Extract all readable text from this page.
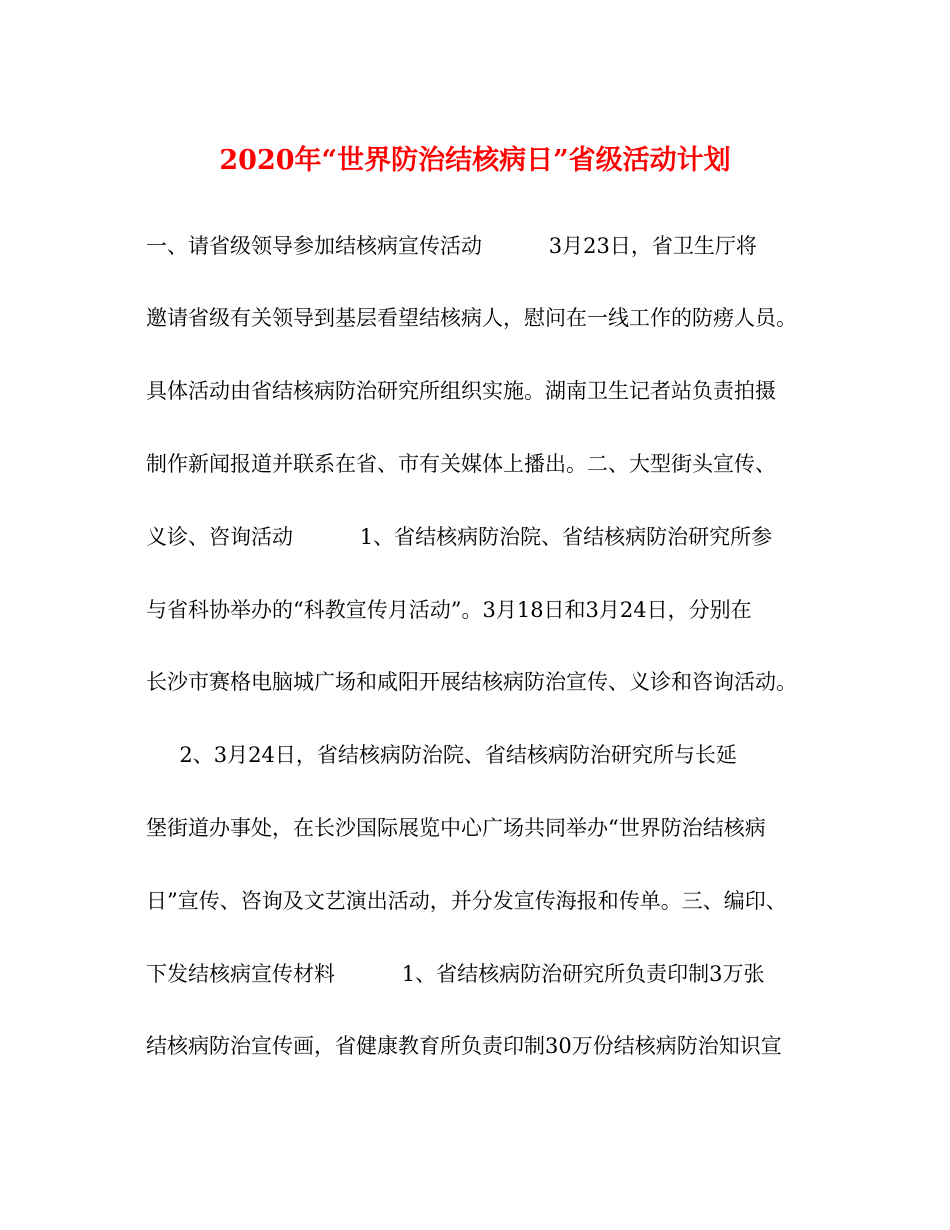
2020年“世界防治结核病日”省级活动计划
一、请省级领导参加结核病宣传活动          3月23日，省卫生厅将
邀请省级有关领导到基层看望结核病人，慰问在一线工作的防痨人员。
具体活动由省结核病防治研究所组织实施。湖南卫生记者站负责拍摄
制作新闻报道并联系在省、市有关媒体上播出。二、大型街头宣传、
义诊、咨询活动          1、省结核病防治院、省结核病防治研究所参
与省科协举办的“科教宣传月活动”。3月18日和3月24日，分别在
长沙市赛格电脑城广场和咸阳开展结核病防治宣传、义诊和咨询活动。
2、3月24日，省结核病防治院、省结核病防治研究所与长延
堡街道办事处，在长沙国际展览中心广场共同举办“世界防治结核病
日”宣传、咨询及文艺演出活动，并分发宣传海报和传单。三、编印、
下发结核病宣传材料          1、省结核病防治研究所负责印制3万张
结核病防治宣传画，省健康教育所负责印制30万份结核病防治知识宣
